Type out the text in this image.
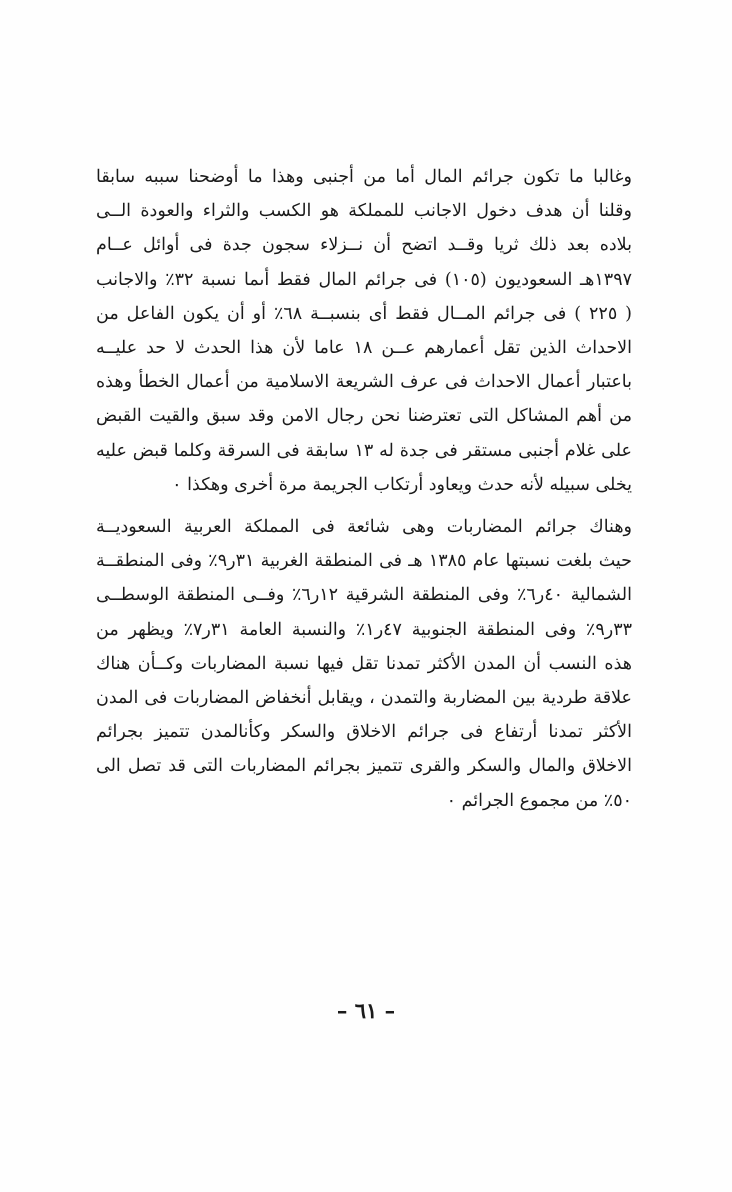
وغالبا ما تكون جرائم المال أما من أجنبى وهذا ما أوضحنا سببه سابقا
وقلنا أن هدف دخول الاجانب للمملكة هو الكسب والثراء والعودة الــى
بلاده بعد ذلك ثريا وقــد اتضح أن نــزلاء سجون جدة فى أوائل عــام
١٣٩٧هـ السعوديون (١٠٥) فى جرائم المال فقط أىما نسبة ٣٢٪ والاجانب
( ٢٢٥ ) فى جرائم المــال فقط أى بنسبــة ٦٨٪ أو أن يكون الفاعل من
الاحداث الذين تقل أعمارهم عــن ١٨ عاما لأن هذا الحدث لا حد عليــه
باعتبار أعمال الاحداث فى عرف الشريعة الاسلامية من أعمال الخطأ وهذه
من أهم المشاكل التى تعترضنا نحن رجال الامن وقد سبق والقيت القبض
على غلام أجنبى مستقر فى جدة له ١٣ سابقة فى السرقة وكلما قبض عليه
يخلى سبيله لأنه حدث ويعاود أرتكاب الجريمة مرة أخرى وهكذا ٠
وهناك جرائم المضاربات وهى شائعة فى المملكة العربية السعوديــة
حيث بلغت نسبتها عام ١٣٨٥ هـ فى المنطقة الغربية ٣١ر٩٪ وفى المنطقــة
الشمالية ٤٠ر٦٪ وفى المنطقة الشرقية ١٢ر٦٪ وفــى المنطقة الوسطــى
٣٣ر٩٪ وفى المنطقة الجنوبية ٤٧ر١٪ والنسبة العامة ٣١ر٧٪ ويظهر من
هذه النسب أن المدن الأكثر تمدنا تقل فيها نسبة المضاربات وكــأن هناك
علاقة طردية بين المضاربة والتمدن ، ويقابل أنخفاض المضاربات فى المدن
الأكثر تمدنا أرتفاع فى جرائم الاخلاق والسكر وكأنالمدن تتميز بجرائم
الاخلاق والمال والسكر والقرى تتميز بجرائم المضاربات التى قد تصل الى
٥٠٪ من مجموع الجرائم ٠
– ٦١ –
